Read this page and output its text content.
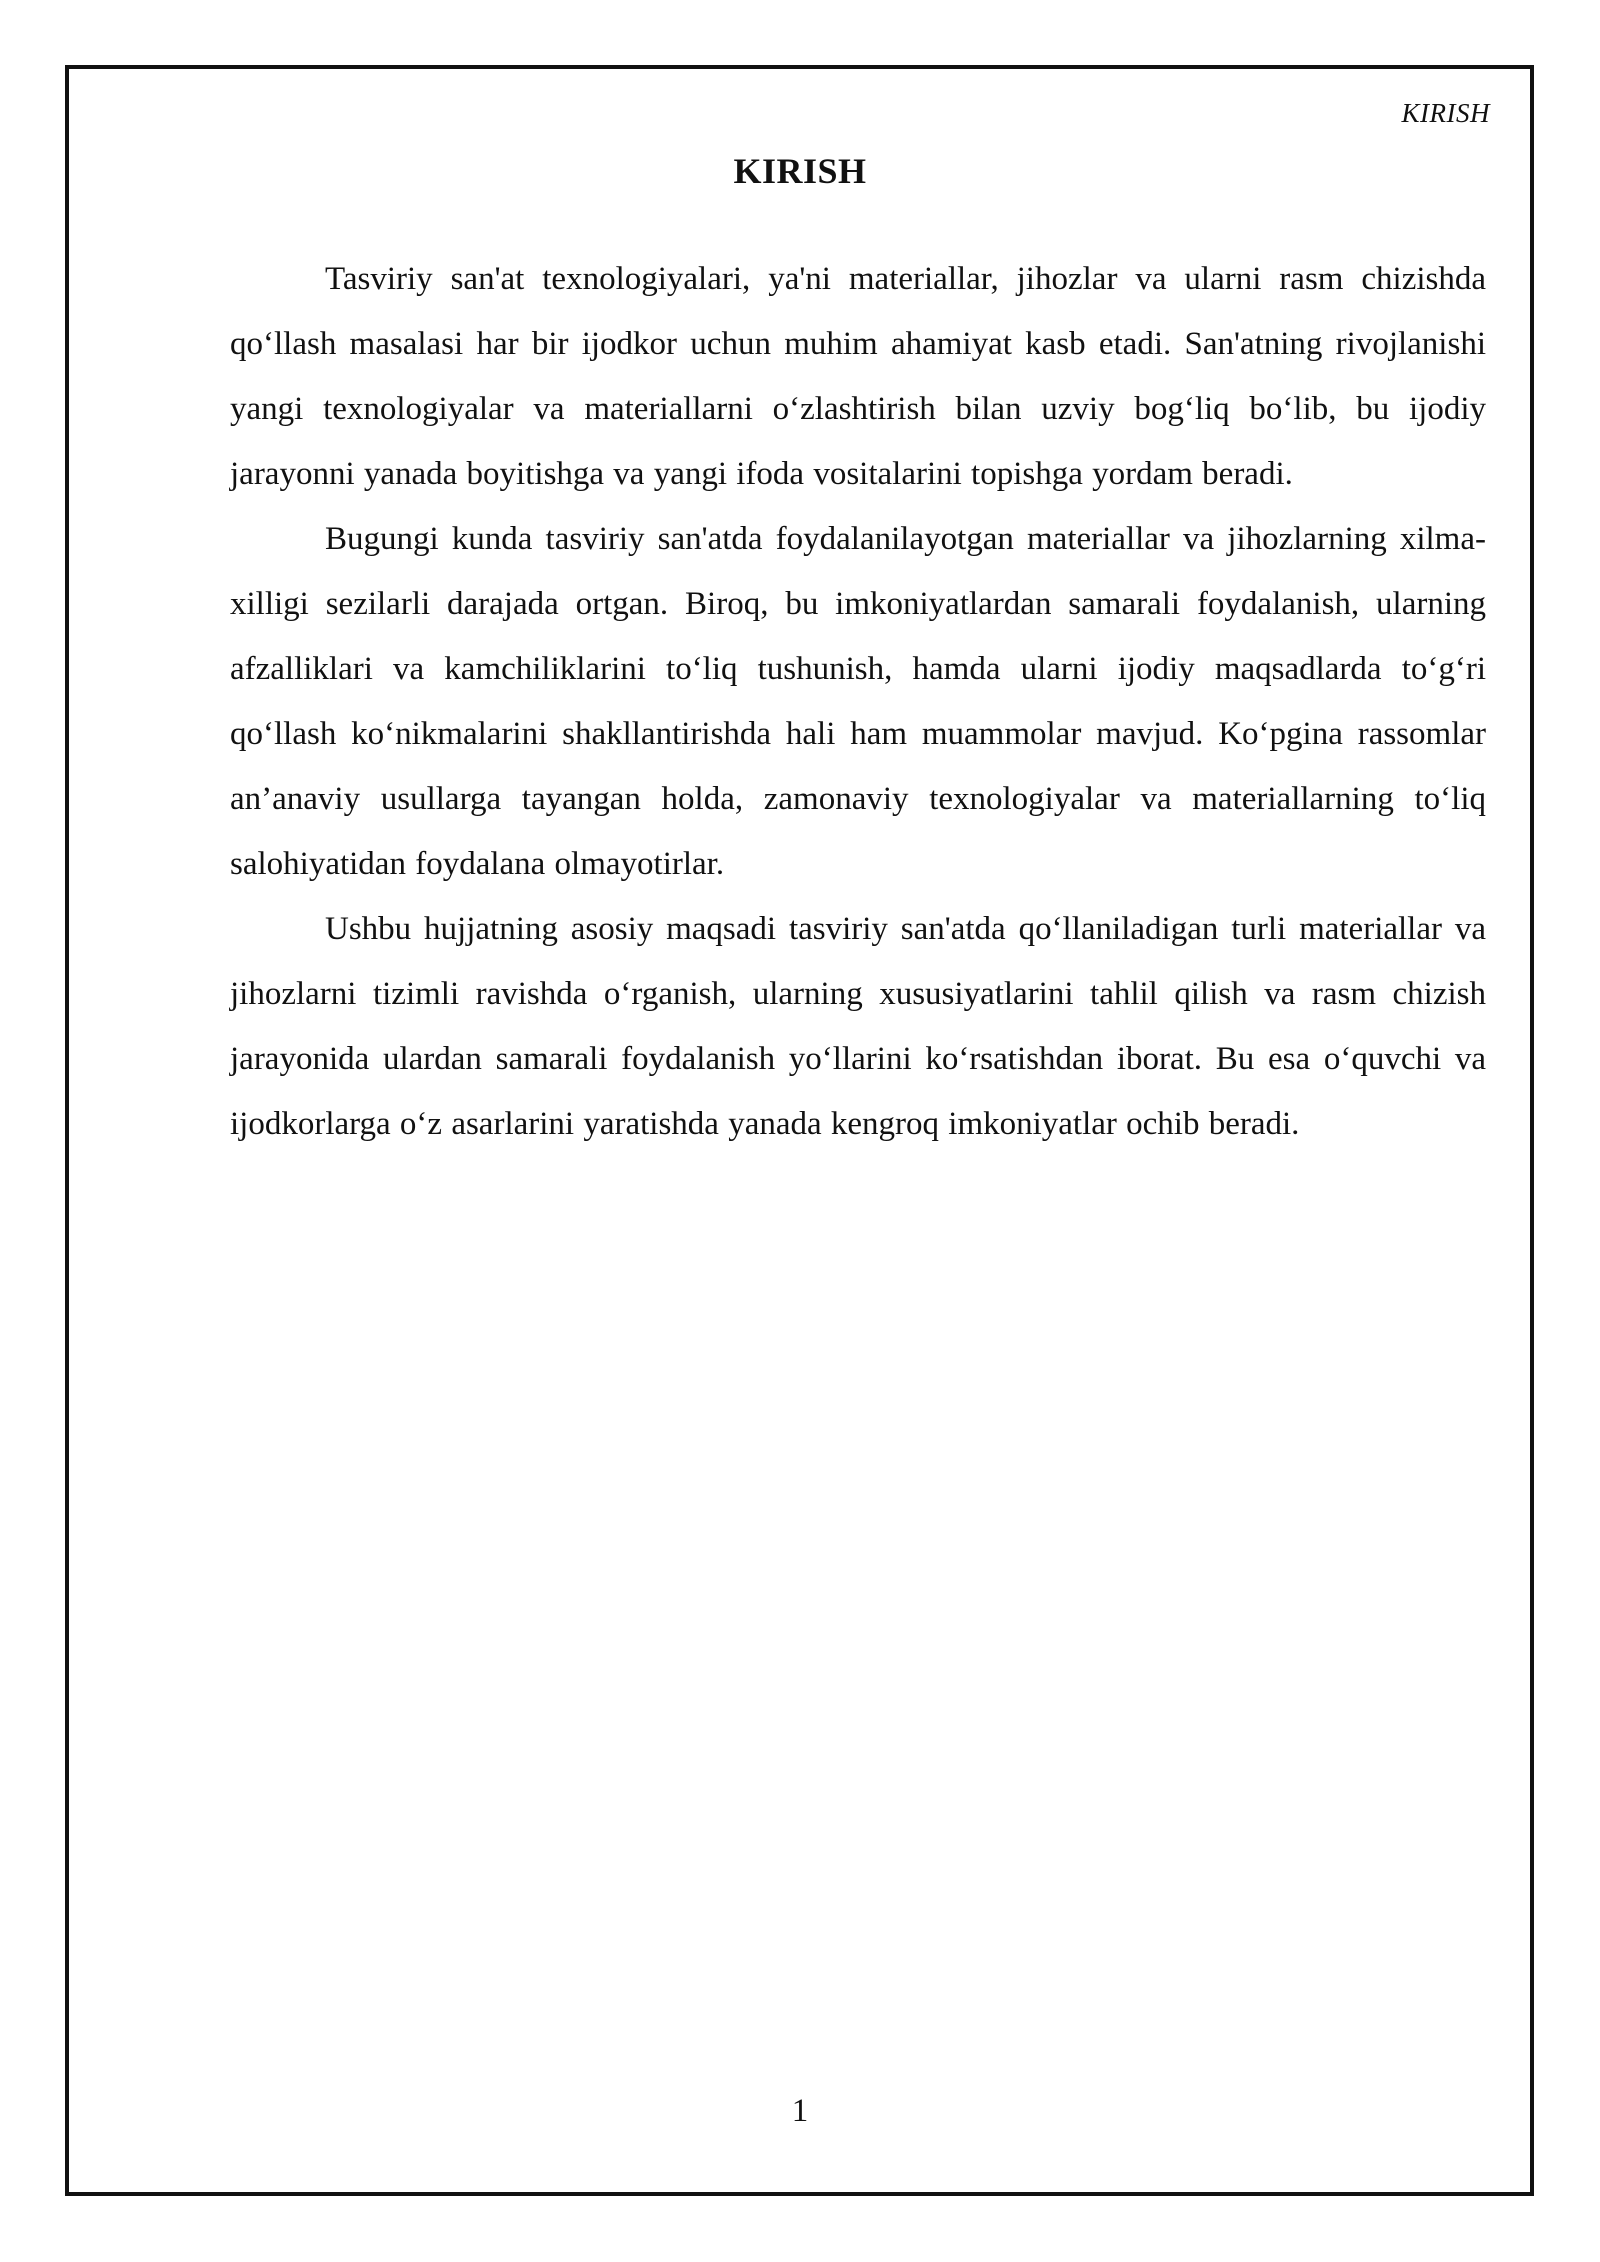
KIRISH
KIRISH

Tasviriy san'at texnologiyalari, ya'ni materiallar, jihozlar va ularni rasm chizishda qo‘llash masalasi har bir ijodkor uchun muhim ahamiyat kasb etadi. San'atning rivojlanishi yangi texnologiyalar va materiallarni o‘zlashtirish bilan uzviy bog‘liq bo‘lib, bu ijodiy jarayonni yanada boyitishga va yangi ifoda vositalarini topishga yordam beradi.

Bugungi kunda tasviriy san'atda foydalanilayotgan materiallar va jihozlarning xilma-xilligi sezilarli darajada ortgan. Biroq, bu imkoniyatlardan samarali foydalanish, ularning afzalliklari va kamchiliklarini to‘liq tushunish, hamda ularni ijodiy maqsadlarda to‘g‘ri qo‘llash ko‘nikmalarini shakllantirishda hali ham muammolar mavjud. Ko‘pgina rassomlar an’anaviy usullarga tayangan holda, zamonaviy texnologiyalar va materiallarning to‘liq salohiyatidan foydalana olmayotirlar.

Ushbu hujjatning asosiy maqsadi tasviriy san'atda qo‘llaniladigan turli materiallar va jihozlarni tizimli ravishda o‘rganish, ularning xususiyatlarini tahlil qilish va rasm chizish jarayonida ulardan samarali foydalanish yo‘llarini ko‘rsatishdan iborat. Bu esa o‘quvchi va ijodkorlarga o‘z asarlarini yaratishda yanada kengroq imkoniyatlar ochib beradi.

1
